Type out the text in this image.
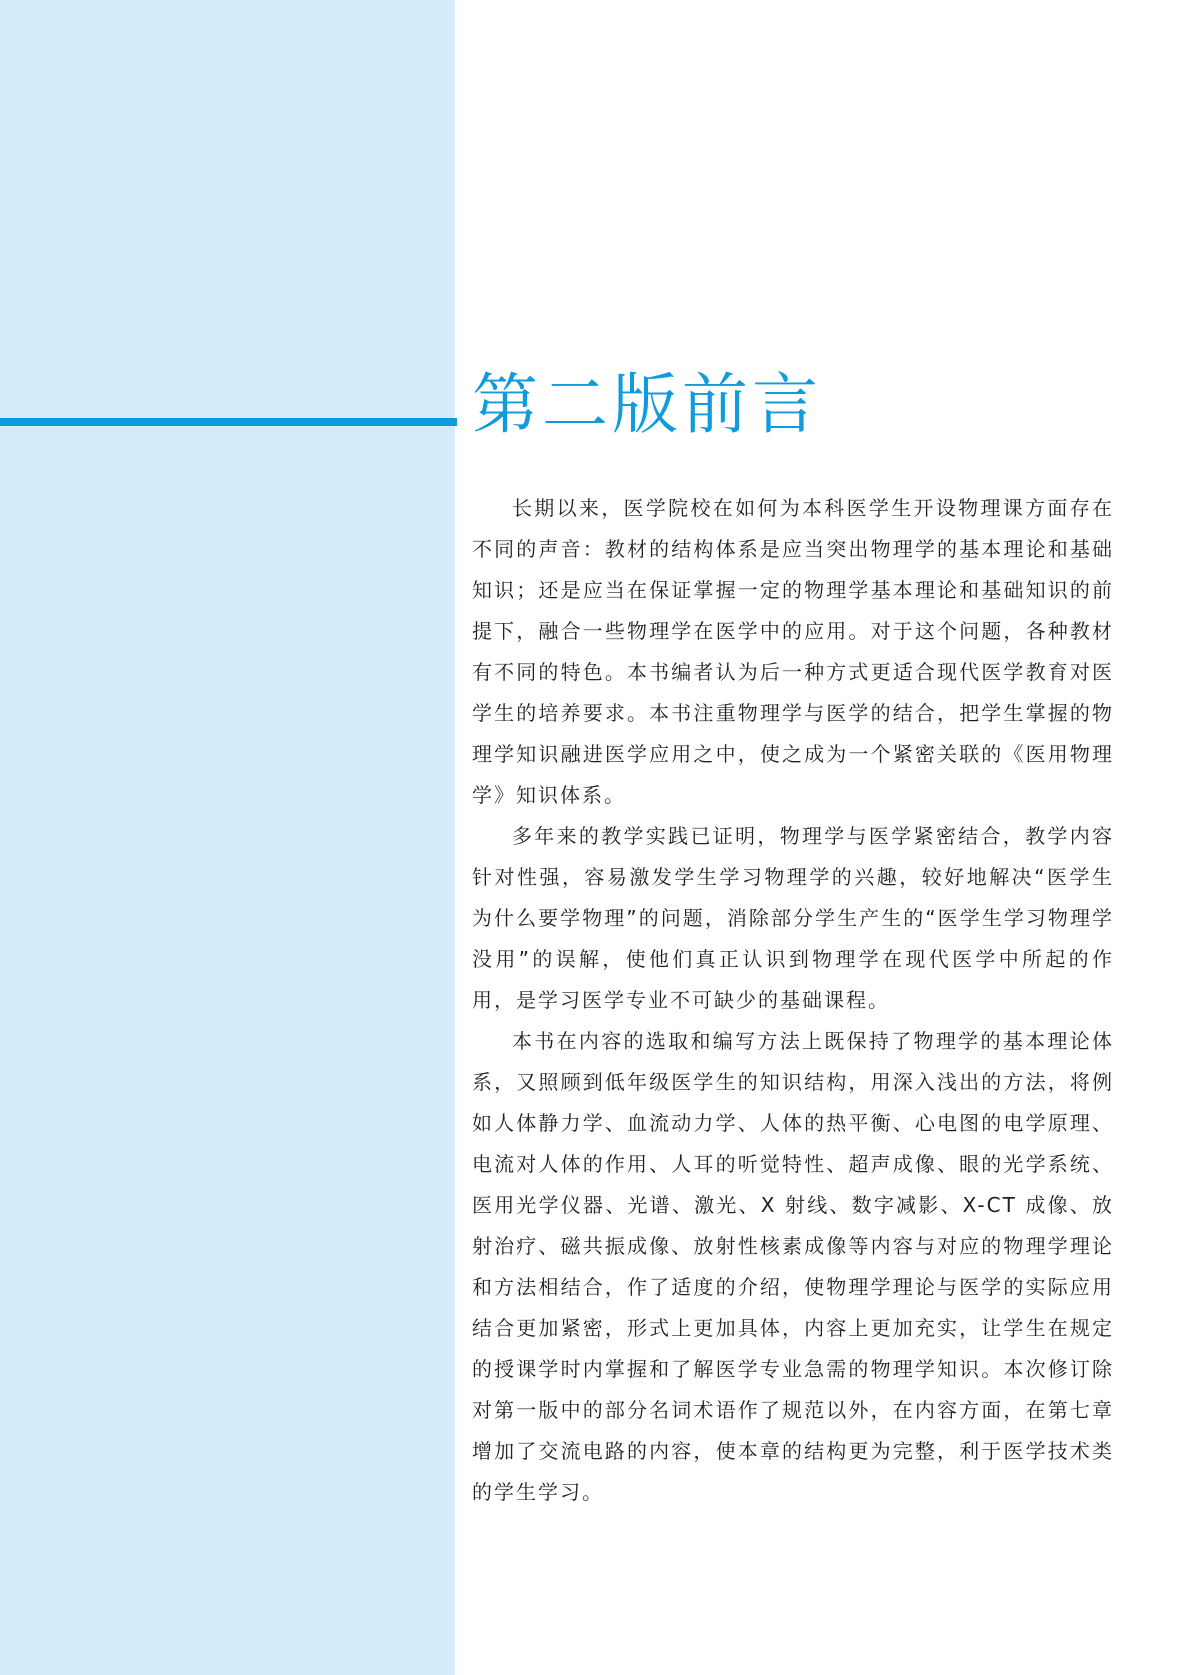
第二版前言

长期以来，医学院校在如何为本科医学生开设物理课方面存在不同的声音：教材的结构体系是应当突出物理学的基本理论和基础知识；还是应当在保证掌握一定的物理学基本理论和基础知识的前提下，融合一些物理学在医学中的应用。对于这个问题，各种教材有不同的特色。本书编者认为后一种方式更适合现代医学教育对医学生的培养要求。本书注重物理学与医学的结合，把学生掌握的物理学知识融进医学应用之中，使之成为一个紧密关联的《医用物理学》知识体系。

多年来的教学实践已证明，物理学与医学紧密结合，教学内容针对性强，容易激发学生学习物理学的兴趣，较好地解决“医学生为什么要学物理”的问题，消除部分学生产生的“医学生学习物理学没用”的误解，使他们真正认识到物理学在现代医学中所起的作用，是学习医学专业不可缺少的基础课程。

本书在内容的选取和编写方法上既保持了物理学的基本理论体系，又照顾到低年级医学生的知识结构，用深入浅出的方法，将例如人体静力学、血流动力学、人体的热平衡、心电图的电学原理、电流对人体的作用、人耳的听觉特性、超声成像、眼的光学系统、医用光学仪器、光谱、激光、X 射线、数字减影、X-CT 成像、放射治疗、磁共振成像、放射性核素成像等内容与对应的物理学理论和方法相结合，作了适度的介绍，使物理学理论与医学的实际应用结合更加紧密，形式上更加具体，内容上更加充实，让学生在规定的授课学时内掌握和了解医学专业急需的物理学知识。本次修订除对第一版中的部分名词术语作了规范以外，在内容方面，在第七章增加了交流电路的内容，使本章的结构更为完整，利于医学技术类的学生学习。
